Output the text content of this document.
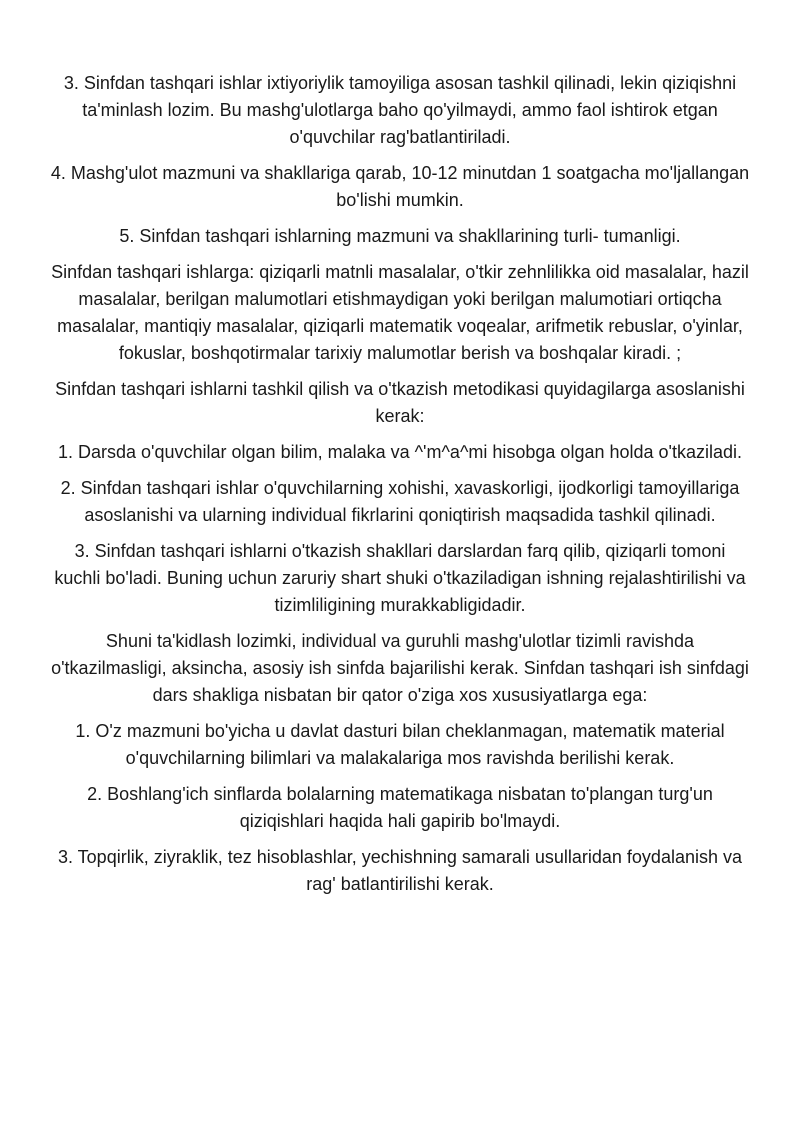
3. Sinfdan tashqari ishlar ixtiyoriylik tamoyiliga asosan tashkil qilinadi, lekin qiziqishni ta'minlash lozim. Bu mashg'ulotlarga baho qo'yilmaydi, ammo faol ishtirok etgan o'quvchilar rag'batlantiriladi.

4. Mashg'ulot mazmuni va shakllariga qarab, 10-12 minutdan 1 soatgacha mo'ljallangan bo'lishi mumkin.

5. Sinfdan tashqari ishlarning mazmuni va shakllarining turli- tumanligi.

Sinfdan tashqari ishlarga: qiziqarli matnli masalalar, o'tkir zehnlilikka oid masalalar, hazil masalalar, berilgan malumotlari etishmaydigan yoki berilgan malumotiari ortiqcha masalalar, mantiqiy masalalar, qiziqarli matematik voqealar, arifmetik rebuslar, o'yinlar, fokuslar, boshqotirmalar tarixiy malumotlar berish va boshqalar kiradi. ;

Sinfdan tashqari ishlarni tashkil qilish va o'tkazish metodikasi quyidagilarga asoslanishi kerak:

1. Darsda o'quvchilar olgan bilim, malaka va ^'m^a^mi hisobga olgan holda o'tkaziladi.

2. Sinfdan tashqari ishlar o'quvchilarning xohishi, xavaskorligi, ijodkorligi tamoyillariga asoslanishi va ularning individual fikrlarini qoniqtirish maqsadida tashkil qilinadi.

3. Sinfdan tashqari ishlarni o'tkazish shakllari darslardan farq qilib, qiziqarli tomoni kuchli bo'ladi. Buning uchun zaruriy shart shuki o'tkaziladigan ishning rejalashtirilishi va tizimliligining murakkabligidadir.

Shuni ta'kidlash lozimki, individual va guruhli mashg'ulotlar tizimli ravishda o'tkazilmasligi, aksincha, asosiy ish sinfda bajarilishi kerak. Sinfdan tashqari ish sinfdagi dars shakliga nisbatan bir qator o'ziga xos xususiyatlarga ega:

1. O'z mazmuni bo'yicha u davlat dasturi bilan cheklanmagan, matematik material o'quvchilarning bilimlari va malakalariga mos ravishda berilishi kerak.

2. Boshlang'ich sinflarda bolalarning matematikaga nisbatan to'plangan turg'un qiziqishlari haqida hali gapirib bo'lmaydi.

3. Topqirlik, ziyraklik, tez hisoblashlar, yechishning samarali usullaridan foydalanish va rag' batlantirilishi kerak.
